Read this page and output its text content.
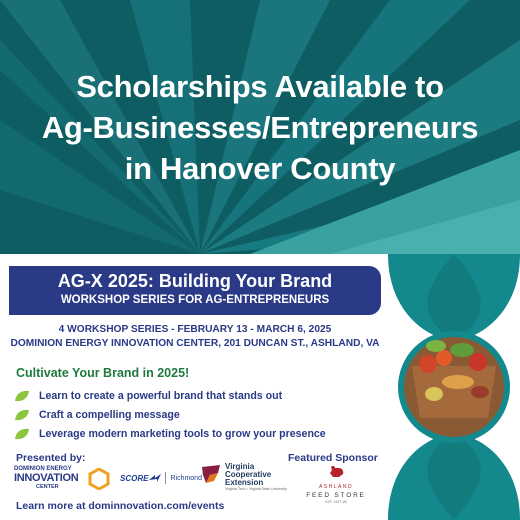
Scholarships Available to
Ag-Businesses/Entrepreneurs
in Hanover County
AG-X 2025: Building Your Brand
WORKSHOP SERIES FOR AG-ENTREPRENEURS
4 WORKSHOP SERIES - FEBRUARY 13 - MARCH 6, 2025
DOMINION ENERGY INNOVATION CENTER, 201 DUNCAN ST., ASHLAND, VA
Cultivate Your Brand in 2025!
Learn to create a powerful brand that stands out
Craft a compelling message
Leverage modern marketing tools to grow your presence
Presented by:	Featured Sponsor
DOMINION ENERGY
INNOVATION
CENTER
SCORE	Richmond
Virginia
Cooperative
Extension
Virginia Tech • Virginia State University	ASHLAND
FEED STORE
EST. 1927 VA
Learn more at dominnovation.com/events
